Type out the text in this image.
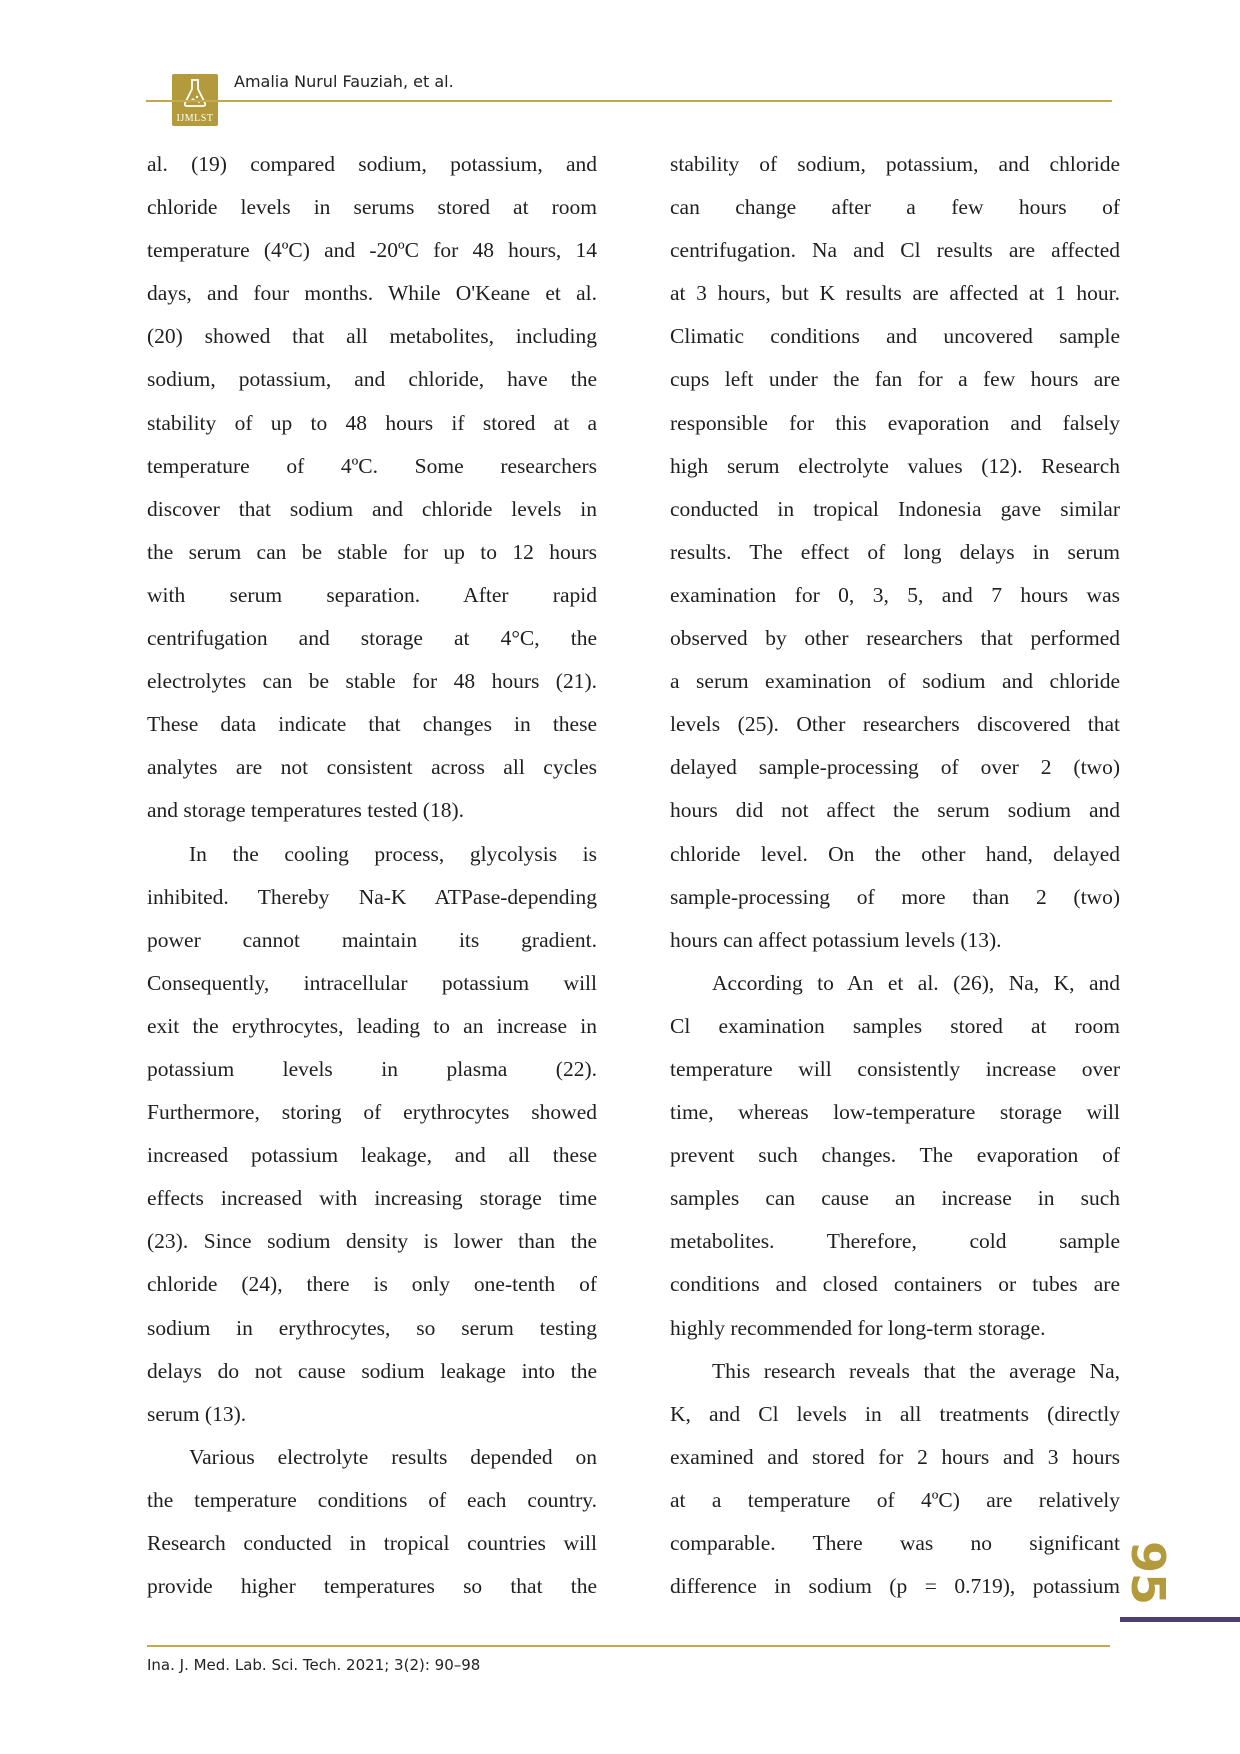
IJMLST
Amalia Nurul Fauziah, et al.
al. (19) compared sodium, potassium, and
chloride levels in serums stored at room
temperature (4ºC) and -20ºC for 48 hours, 14
days, and four months. While O'Keane et al.
(20) showed that all metabolites, including
sodium, potassium, and chloride, have the
stability of up to 48 hours if stored at a
temperature of 4ºC. Some researchers
discover that sodium and chloride levels in
the serum can be stable for up to 12 hours
with serum separation. After rapid
centrifugation and storage at 4°C, the
electrolytes can be stable for 48 hours (21).
These data indicate that changes in these
analytes are not consistent across all cycles
and storage temperatures tested (18).
In the cooling process, glycolysis is
inhibited. Thereby Na-K ATPase-depending
power cannot maintain its gradient.
Consequently, intracellular potassium will
exit the erythrocytes, leading to an increase in
potassium levels in plasma (22).
Furthermore, storing of erythrocytes showed
increased potassium leakage, and all these
effects increased with increasing storage time
(23). Since sodium density is lower than the
chloride (24), there is only one-tenth of
sodium in erythrocytes, so serum testing
delays do not cause sodium leakage into the
serum (13).
Various electrolyte results depended on
the temperature conditions of each country.
Research conducted in tropical countries will
provide higher temperatures so that the
stability of sodium, potassium, and chloride
can change after a few hours of
centrifugation. Na and Cl results are affected
at 3 hours, but K results are affected at 1 hour.
Climatic conditions and uncovered sample
cups left under the fan for a few hours are
responsible for this evaporation and falsely
high serum electrolyte values (12). Research
conducted in tropical Indonesia gave similar
results. The effect of long delays in serum
examination for 0, 3, 5, and 7 hours was
observed by other researchers that performed
a serum examination of sodium and chloride
levels (25). Other researchers discovered that
delayed sample-processing of over 2 (two)
hours did not affect the serum sodium and
chloride level. On the other hand, delayed
sample-processing of more than 2 (two)
hours can affect potassium levels (13).
According to An et al. (26), Na, K, and
Cl examination samples stored at room
temperature will consistently increase over
time, whereas low-temperature storage will
prevent such changes. The evaporation of
samples can cause an increase in such
metabolites. Therefore, cold sample
conditions and closed containers or tubes are
highly recommended for long-term storage.
This research reveals that the average Na,
K, and Cl levels in all treatments (directly
examined and stored for 2 hours and 3 hours
at a temperature of 4ºC) are relatively
comparable. There was no significant
difference in sodium (p = 0.719), potassium
Ina. J. Med. Lab. Sci. Tech. 2021; 3(2): 90–98
95
